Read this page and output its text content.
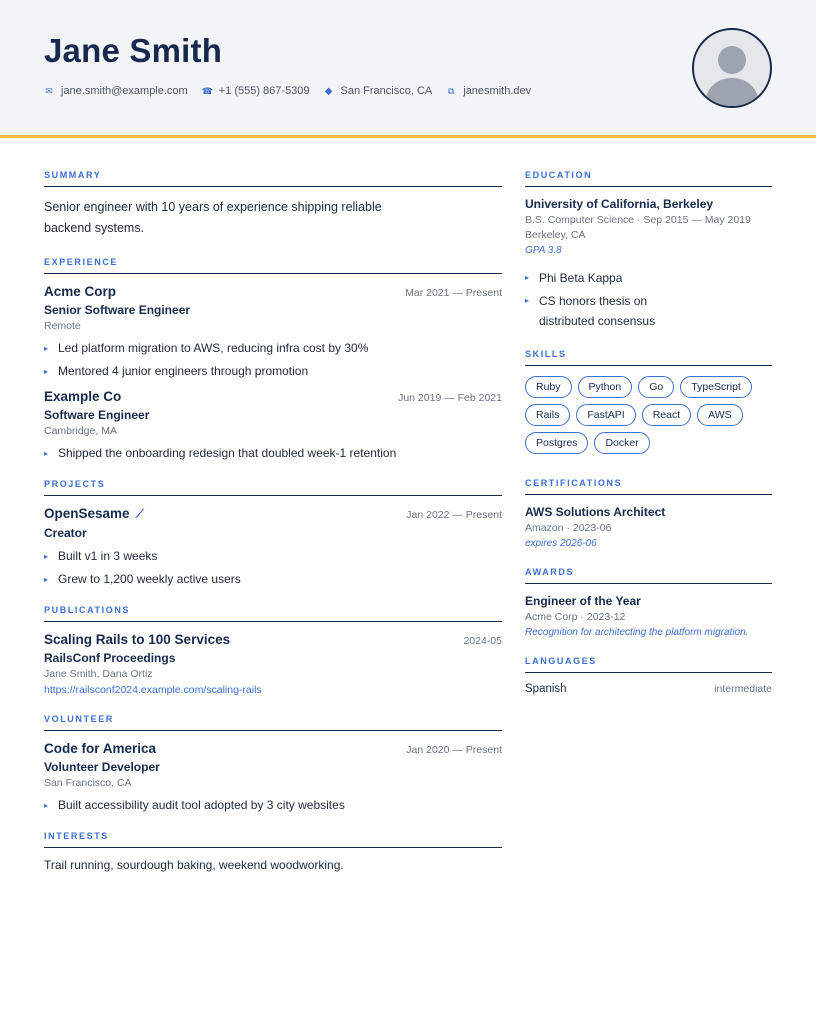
Jane Smith
✉ jane.smith@example.com ☎ +1 (555) 867-5309 ◆ San Francisco, CA ⧉ janesmith.dev
SUMMARY
Senior engineer with 10 years of experience shipping reliable backend systems.
EXPERIENCE
Acme Corp	Mar 2021 — Present
Senior Software Engineer
Remote
▸ Led platform migration to AWS, reducing infra cost by 30%
▸ Mentored 4 junior engineers through promotion
Example Co	Jun 2019 — Feb 2021
Software Engineer
Cambridge, MA
▸ Shipped the onboarding redesign that doubled week-1 retention
PROJECTS
OpenSesame ⟋	Jan 2022 — Present
Creator
▸ Built v1 in 3 weeks
▸ Grew to 1,200 weekly active users
PUBLICATIONS
Scaling Rails to 100 Services	2024-05
RailsConf Proceedings
Jane Smith, Dana Ortiz
https://railsconf2024.example.com/scaling-rails
VOLUNTEER
Code for America	Jan 2020 — Present
Volunteer Developer
San Francisco, CA
▸ Built accessibility audit tool adopted by 3 city websites
INTERESTS
Trail running, sourdough baking, weekend woodworking.
EDUCATION
University of California, Berkeley
B.S. Computer Science · Sep 2015 — May 2019
Berkeley, CA
GPA 3.8
▸ Phi Beta Kappa
▸ CS honors thesis on distributed consensus
SKILLS
Ruby	Python	Go	TypeScript
Rails	FastAPI	React	AWS
Postgres	Docker
CERTIFICATIONS
AWS Solutions Architect
Amazon · 2023-06
expires 2026-06
AWARDS
Engineer of the Year
Acme Corp · 2023-12
Recognition for architecting the platform migration.
LANGUAGES
Spanish	intermediate
